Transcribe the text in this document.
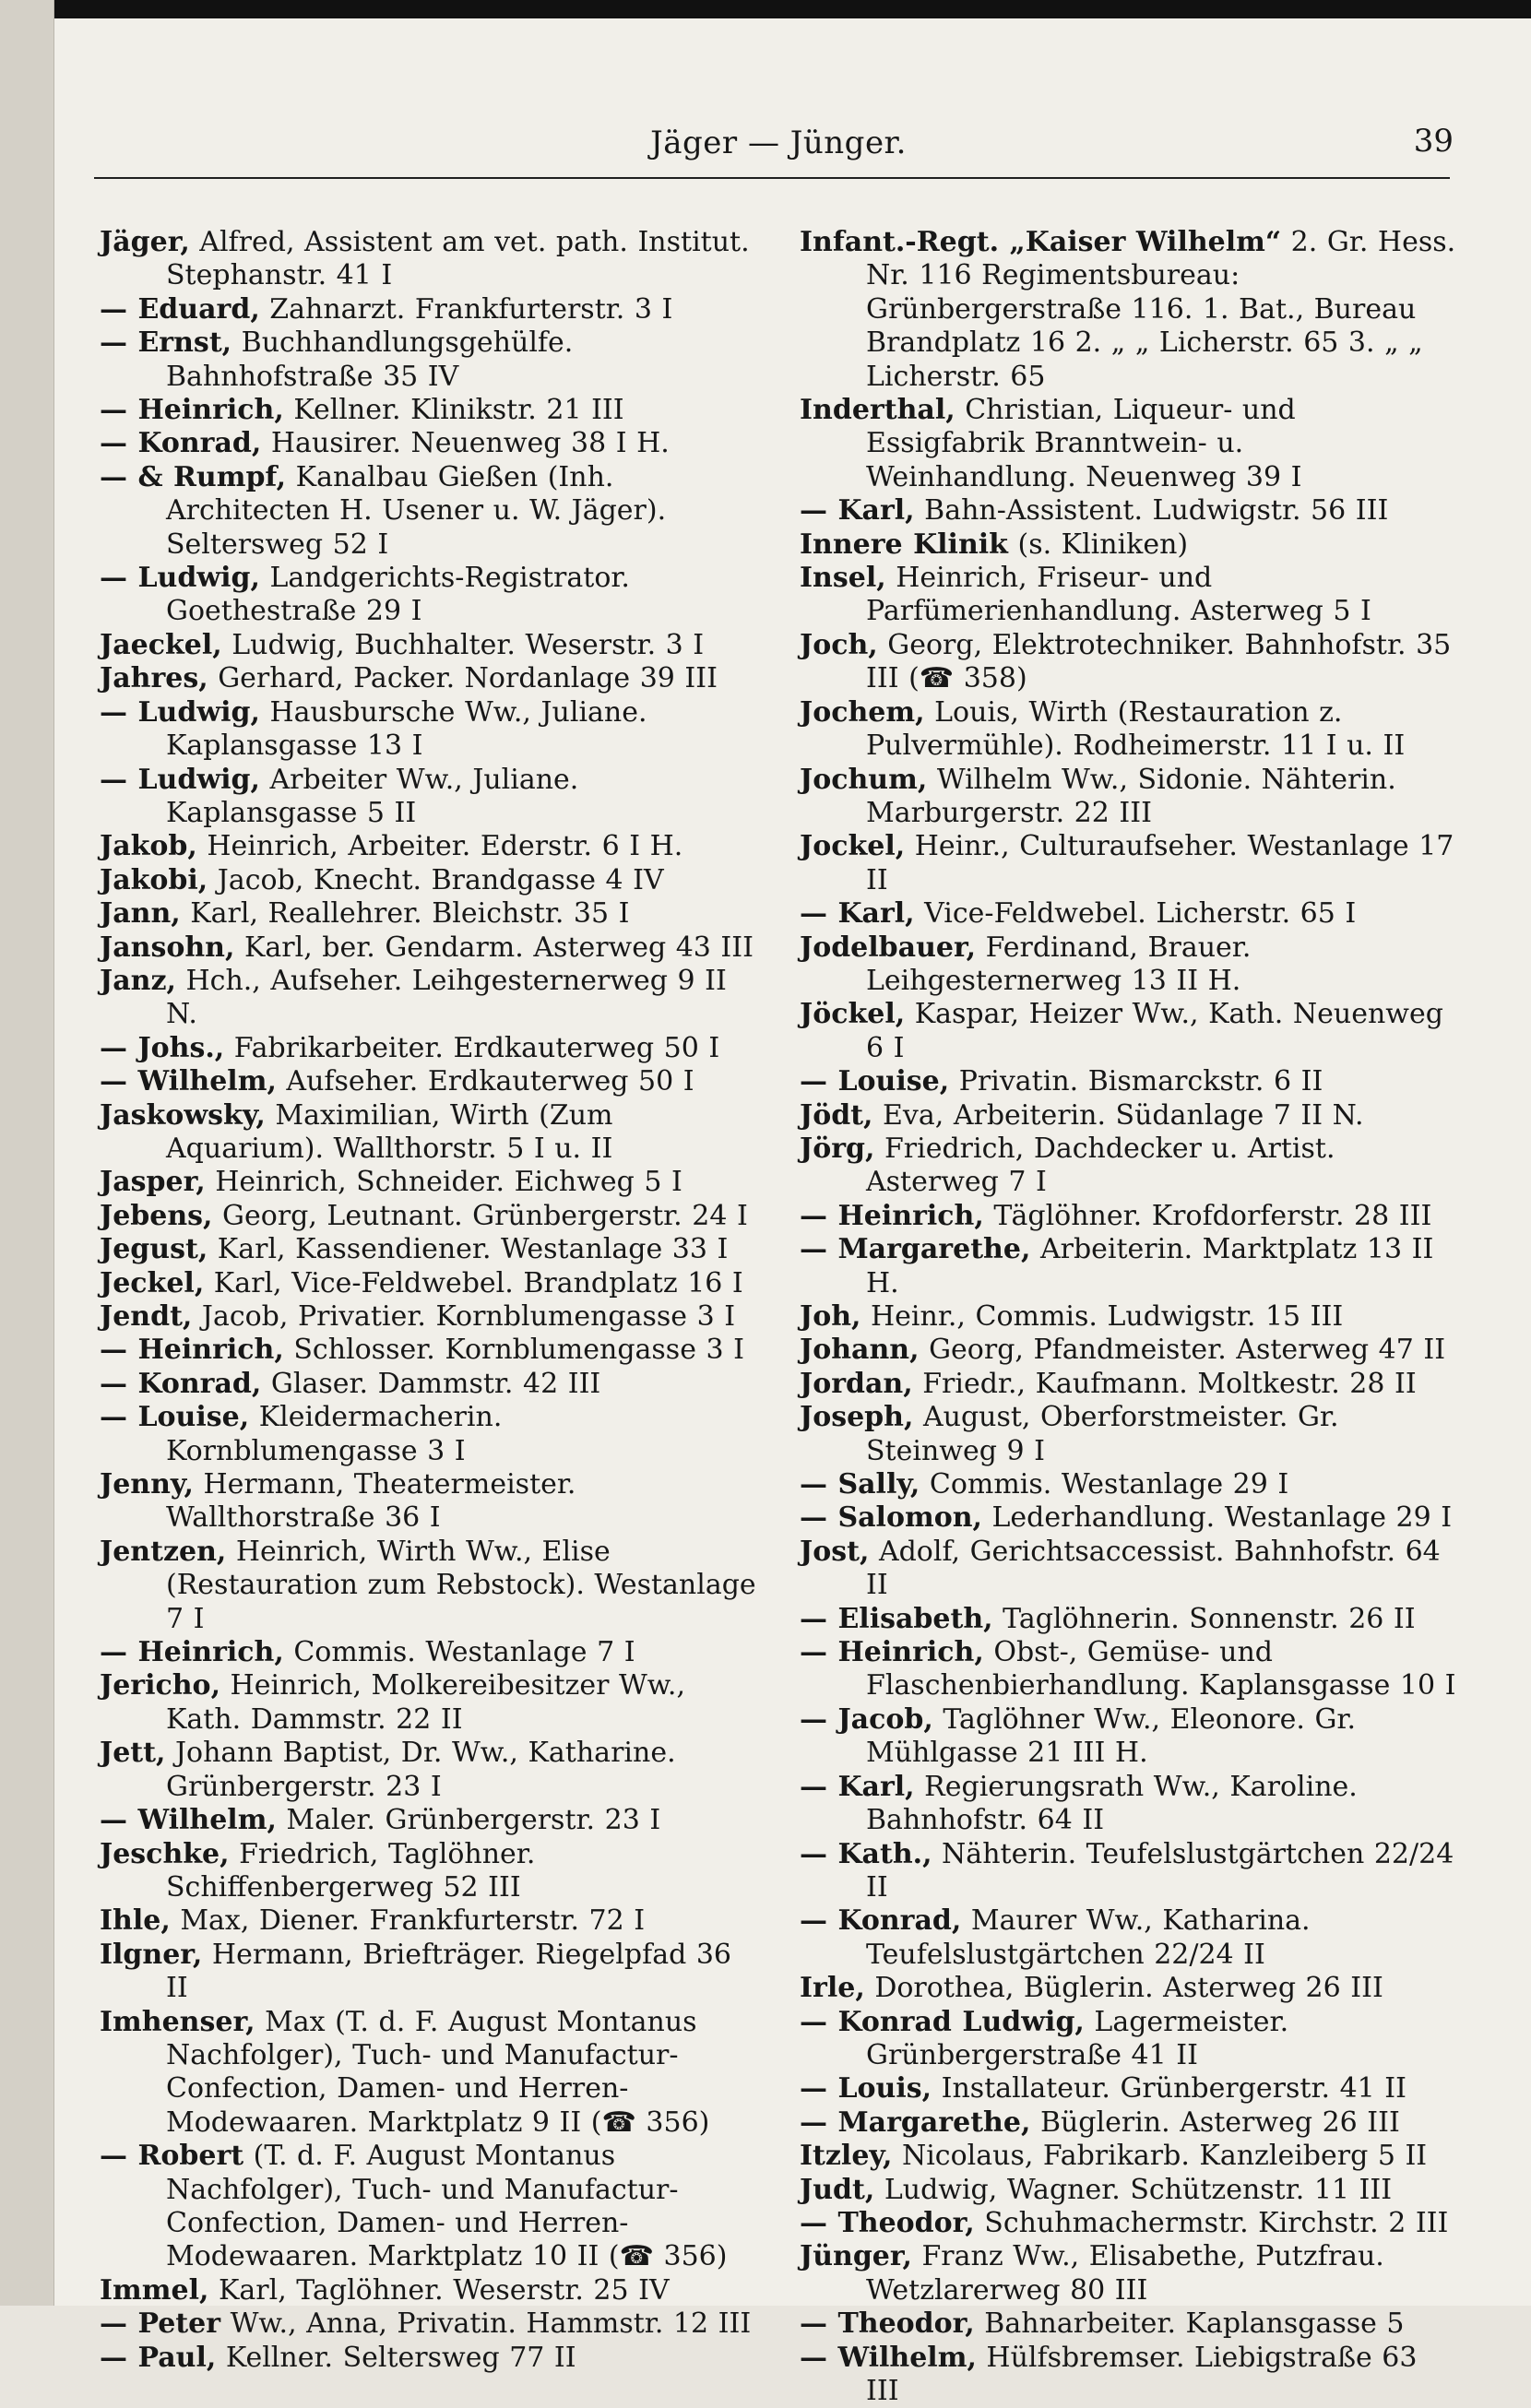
Jäger — Jünger.	39

Jäger, Alfred, Assistent am vet. path. Institut. Stephanstr. 41 I

— Eduard, Zahnarzt. Frankfurterstr. 3 I

— Ernst, Buchhandlungsgehülfe. Bahnhofstraße 35 IV

— Heinrich, Kellner. Klinikstr. 21 III

— Konrad, Hausirer. Neuenweg 38 I H.

— & Rumpf, Kanalbau Gießen (Inh. Architecten H. Usener u. W. Jäger). Seltersweg 52 I

— Ludwig, Landgerichts-Registrator. Goethestraße 29 I

Jaeckel, Ludwig, Buchhalter. Weserstr. 3 I

Jahres, Gerhard, Packer. Nordanlage 39 III

— Ludwig, Hausbursche Ww., Juliane. Kaplansgasse 13 I

— Ludwig, Arbeiter Ww., Juliane. Kaplansgasse 5 II

Jakob, Heinrich, Arbeiter. Ederstr. 6 I H.

Jakobi, Jacob, Knecht. Brandgasse 4 IV

Jann, Karl, Reallehrer. Bleichstr. 35 I

Jansohn, Karl, ber. Gendarm. Asterweg 43 III

Janz, Hch., Aufseher. Leihgesternerweg 9 II N.

— Johs., Fabrikarbeiter. Erdkauterweg 50 I

— Wilhelm, Aufseher. Erdkauterweg 50 I

Jaskowsky, Maximilian, Wirth (Zum Aquarium). Wallthorstr. 5 I u. II

Jasper, Heinrich, Schneider. Eichweg 5 I

Jebens, Georg, Leutnant. Grünbergerstr. 24 I

Jegust, Karl, Kassendiener. Westanlage 33 I

Jeckel, Karl, Vice-Feldwebel. Brandplatz 16 I

Jendt, Jacob, Privatier. Kornblumengasse 3 I

— Heinrich, Schlosser. Kornblumengasse 3 I

— Konrad, Glaser. Dammstr. 42 III

— Louise, Kleidermacherin. Kornblumengasse 3 I

Jenny, Hermann, Theatermeister. Wallthorstraße 36 I

Jentzen, Heinrich, Wirth Ww., Elise (Restauration zum Rebstock). Westanlage 7 I

— Heinrich, Commis. Westanlage 7 I

Jericho, Heinrich, Molkereibesitzer Ww., Kath. Dammstr. 22 II

Jett, Johann Baptist, Dr. Ww., Katharine. Grünbergerstr. 23 I

— Wilhelm, Maler. Grünbergerstr. 23 I

Jeschke, Friedrich, Taglöhner. Schiffenbergerweg 52 III

Ihle, Max, Diener. Frankfurterstr. 72 I

Ilgner, Hermann, Briefträger. Riegelpfad 36 II

Imhenser, Max (T. d. F. August Montanus Nachfolger), Tuch- und Manufactur-Confection, Damen- und Herren-Modewaaren. Marktplatz 9 II (☎ 356)

— Robert (T. d. F. August Montanus Nachfolger), Tuch- und Manufactur-Confection, Damen- und Herren-Modewaaren. Marktplatz 10 II (☎ 356)

Immel, Karl, Taglöhner. Weserstr. 25 IV

— Peter Ww., Anna, Privatin. Hammstr. 12 III

— Paul, Kellner. Seltersweg 77 II

Infant.-Regt. „Kaiser Wilhelm“ 2. Gr. Hess. Nr. 116 Regimentsbureau: Grünbergerstraße 116. 1. Bat., Bureau Brandplatz 16 2. „ „ Licherstr. 65 3. „ „ Licherstr. 65

Inderthal, Christian, Liqueur- und Essigfabrik Branntwein- u. Weinhandlung. Neuenweg 39 I

— Karl, Bahn-Assistent. Ludwigstr. 56 III

Innere Klinik (s. Kliniken)

Insel, Heinrich, Friseur- und Parfümerienhandlung. Asterweg 5 I

Joch, Georg, Elektrotechniker. Bahnhofstr. 35 III (☎ 358)

Jochem, Louis, Wirth (Restauration z. Pulvermühle). Rodheimerstr. 11 I u. II

Jochum, Wilhelm Ww., Sidonie. Nähterin. Marburgerstr. 22 III

Jockel, Heinr., Culturaufseher. Westanlage 17 II

— Karl, Vice-Feldwebel. Licherstr. 65 I

Jodelbauer, Ferdinand, Brauer. Leihgesternerweg 13 II H.

Jöckel, Kaspar, Heizer Ww., Kath. Neuenweg 6 I

— Louise, Privatin. Bismarckstr. 6 II

Jödt, Eva, Arbeiterin. Südanlage 7 II N.

Jörg, Friedrich, Dachdecker u. Artist. Asterweg 7 I

— Heinrich, Täglöhner. Krofdorferstr. 28 III

— Margarethe, Arbeiterin. Marktplatz 13 II H.

Joh, Heinr., Commis. Ludwigstr. 15 III

Johann, Georg, Pfandmeister. Asterweg 47 II

Jordan, Friedr., Kaufmann. Moltkestr. 28 II

Joseph, August, Oberforstmeister. Gr. Steinweg 9 I

— Sally, Commis. Westanlage 29 I

— Salomon, Lederhandlung. Westanlage 29 I

Jost, Adolf, Gerichtsaccessist. Bahnhofstr. 64 II

— Elisabeth, Taglöhnerin. Sonnenstr. 26 II

— Heinrich, Obst-, Gemüse- und Flaschenbierhandlung. Kaplansgasse 10 I

— Jacob, Taglöhner Ww., Eleonore. Gr. Mühlgasse 21 III H.

— Karl, Regierungsrath Ww., Karoline. Bahnhofstr. 64 II

— Kath., Nähterin. Teufelslustgärtchen 22/24 II

— Konrad, Maurer Ww., Katharina. Teufelslustgärtchen 22/24 II

Irle, Dorothea, Büglerin. Asterweg 26 III

— Konrad Ludwig, Lagermeister. Grünbergerstraße 41 II

— Louis, Installateur. Grünbergerstr. 41 II

— Margarethe, Büglerin. Asterweg 26 III

Itzley, Nicolaus, Fabrikarb. Kanzleiberg 5 II

Judt, Ludwig, Wagner. Schützenstr. 11 III

— Theodor, Schuhmachermstr. Kirchstr. 2 III

Jünger, Franz Ww., Elisabethe, Putzfrau. Wetzlarerweg 80 III

— Theodor, Bahnarbeiter. Kaplansgasse 5

— Wilhelm, Hülfsbremser. Liebigstraße 63 III
